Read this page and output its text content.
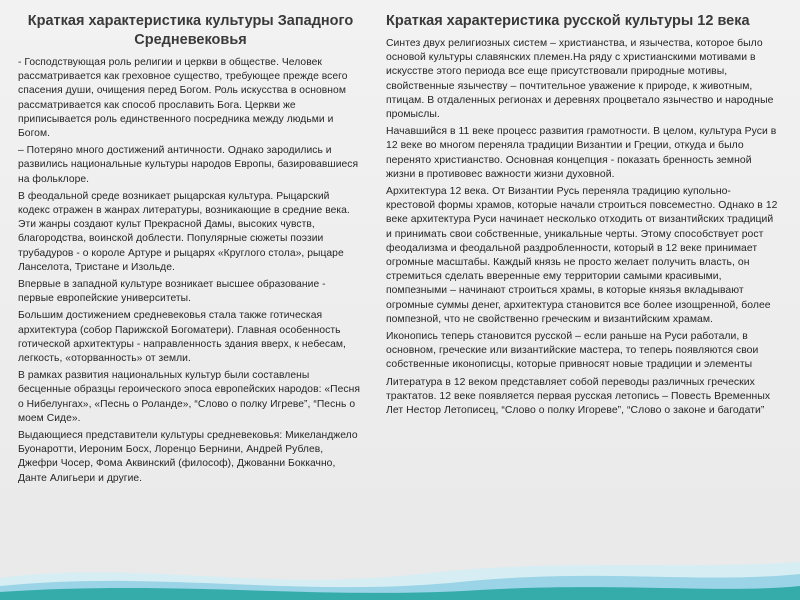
Краткая характеристика культуры Западного Средневековья

- Господствующая роль религии и церкви в обществе. Человек рассматривается как греховное существо, требующее прежде всего спасения души, очищения перед Богом. Роль искусства в основном рассматривается как способ прославить Бога. Церкви же приписывается роль единственного посредника между людьми и Богом.

– Потеряно много достижений античности. Однако зародились и развились национальные культуры народов Европы, базировавшиеся на фольклоре.

В феодальной среде возникает рыцарская культура. Рыцарский кодекс отражен в жанрах литературы, возникающие в средние века. Эти жанры создают культ Прекрасной Дамы, высоких чувств, благородства, воинской доблести. Популярные сюжеты поэзии трубадуров - о короле Артуре и рыцарях «Круглого стола», рыцаре Ланселота, Тристане и Изольде.

Впервые в западной культуре возникает высшее образование - первые европейские университеты.

Большим достижением средневековья стала также готическая архитектура (собор Парижской Богоматери). Главная особенность готической архитектуры - направленность здания вверх, к небесам, легкость, «оторванность» от земли.

В рамках развития национальных культур были составлены бесценные образцы героического эпоса европейских народов: «Песня о Нибелунгах», «Песнь о Роланде», “Слово о полку Игреве”, “Песнь о моем Сиде».

Выдающиеся представители культуры средневековья: Микеланджело Буонаротти, Иероним Босх, Лоренцо Бернини, Андрей Рублев, Джефри Чосер, Фома Аквинский (философ), Джованни Боккачно, Данте Алигьери и другие.

Краткая характеристика русской культуры 12 века

Синтез двух религиозных систем – христианства, и язычества, которое было основой культуры славянских племен.На ряду с христианскими мотивами в искусстве этого периода все еще присутствовали природные мотивы, свойственные язычеству – почтительное уважение к природе, к животным, птицам. В отдаленных регионах и деревнях процветало язычество и народные промыслы.

Начавшийся в 11 веке процесс развития грамотности. В целом, культура Руси в 12 веке во многом переняла традиции Византии и Греции, откуда и было перенято христианство. Основная концепция - показать бренность земной жизни в противовес важности жизни духовной.

Архитектура 12 века. От Византии Русь переняла традицию купольно-крестовой формы храмов, которые начали строиться повсеместно. Однако в 12 веке архитектура Руси начинает несколько отходить от византийских традиций и принимать свои собственные, уникальные черты. Этому способствует рост феодализма и феодальной раздробленности, который в 12 веке принимает огромные масштабы. Каждый князь не просто желает получить власть, он стремиться сделать вверенные ему территории самыми красивыми, помпезными – начинают строиться храмы, в которые князья вкладывают огромные суммы денег, архитектура становится все более изощренной, более помпезной, что не свойственно греческим и византийским храмам.

Иконопись теперь становится русской – если раньше на Руси работали, в основном, греческие или византийские мастера, то теперь появляются свои собственные иконописцы, которые привносят новые традиции и элементы

Литература в 12 веком представляет собой переводы различных греческих трактатов. 12 веке появляется первая русская летопись – Повесть Временных Лет Нестор Летописец, “Слово о полку Игореве”, “Слово о законе и багодати”
